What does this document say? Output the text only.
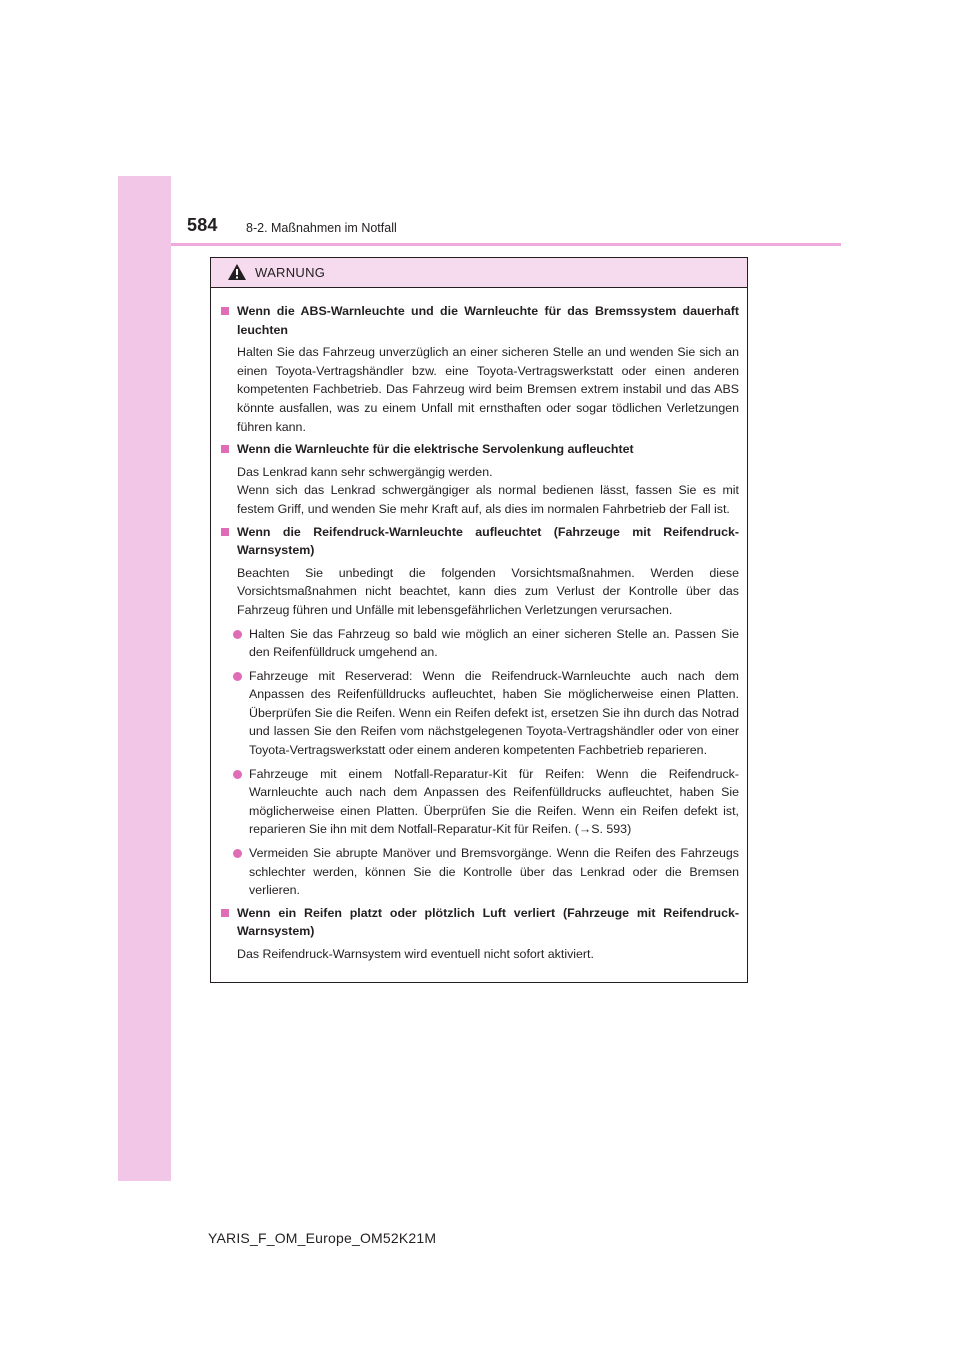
584 8-2. Maßnahmen im Notfall
WARNUNG
Wenn die ABS-Warnleuchte und die Warnleuchte für das Bremssystem dauerhaft leuchten
Halten Sie das Fahrzeug unverzüglich an einer sicheren Stelle an und wenden Sie sich an einen Toyota-Vertragshändler bzw. eine Toyota-Vertragswerkstatt oder einen anderen kompetenten Fachbetrieb. Das Fahrzeug wird beim Bremsen extrem instabil und das ABS könnte ausfallen, was zu einem Unfall mit ernsthaften oder sogar tödlichen Verletzungen führen kann.
Wenn die Warnleuchte für die elektrische Servolenkung aufleuchtet
Das Lenkrad kann sehr schwergängig werden.
Wenn sich das Lenkrad schwergängiger als normal bedienen lässt, fassen Sie es mit festem Griff, und wenden Sie mehr Kraft auf, als dies im normalen Fahrbetrieb der Fall ist.
Wenn die Reifendruck-Warnleuchte aufleuchtet (Fahrzeuge mit Reifendruck-Warnsystem)
Beachten Sie unbedingt die folgenden Vorsichtsmaßnahmen. Werden diese Vorsichtsmaßnahmen nicht beachtet, kann dies zum Verlust der Kontrolle über das Fahrzeug führen und Unfälle mit lebensgefährlichen Verletzungen verursachen.
Halten Sie das Fahrzeug so bald wie möglich an einer sicheren Stelle an. Passen Sie den Reifenfülldruck umgehend an.
Fahrzeuge mit Reserverad: Wenn die Reifendruck-Warnleuchte auch nach dem Anpassen des Reifenfülldrucks aufleuchtet, haben Sie möglicherweise einen Platten. Überprüfen Sie die Reifen. Wenn ein Reifen defekt ist, ersetzen Sie ihn durch das Notrad und lassen Sie den Reifen vom nächstgelegenen Toyota-Vertragshändler oder von einer Toyota-Vertragswerkstatt oder einem anderen kompetenten Fachbetrieb reparieren.
Fahrzeuge mit einem Notfall-Reparatur-Kit für Reifen: Wenn die Reifendruck-Warnleuchte auch nach dem Anpassen des Reifenfülldrucks aufleuchtet, haben Sie möglicherweise einen Platten. Überprüfen Sie die Reifen. Wenn ein Reifen defekt ist, reparieren Sie ihn mit dem Notfall-Reparatur-Kit für Reifen. (→S. 593)
Vermeiden Sie abrupte Manöver und Bremsvorgänge. Wenn die Reifen des Fahrzeugs schlechter werden, können Sie die Kontrolle über das Lenkrad oder die Bremsen verlieren.
Wenn ein Reifen platzt oder plötzlich Luft verliert (Fahrzeuge mit Reifendruck-Warnsystem)
Das Reifendruck-Warnsystem wird eventuell nicht sofort aktiviert.
YARIS_F_OM_Europe_OM52K21M
